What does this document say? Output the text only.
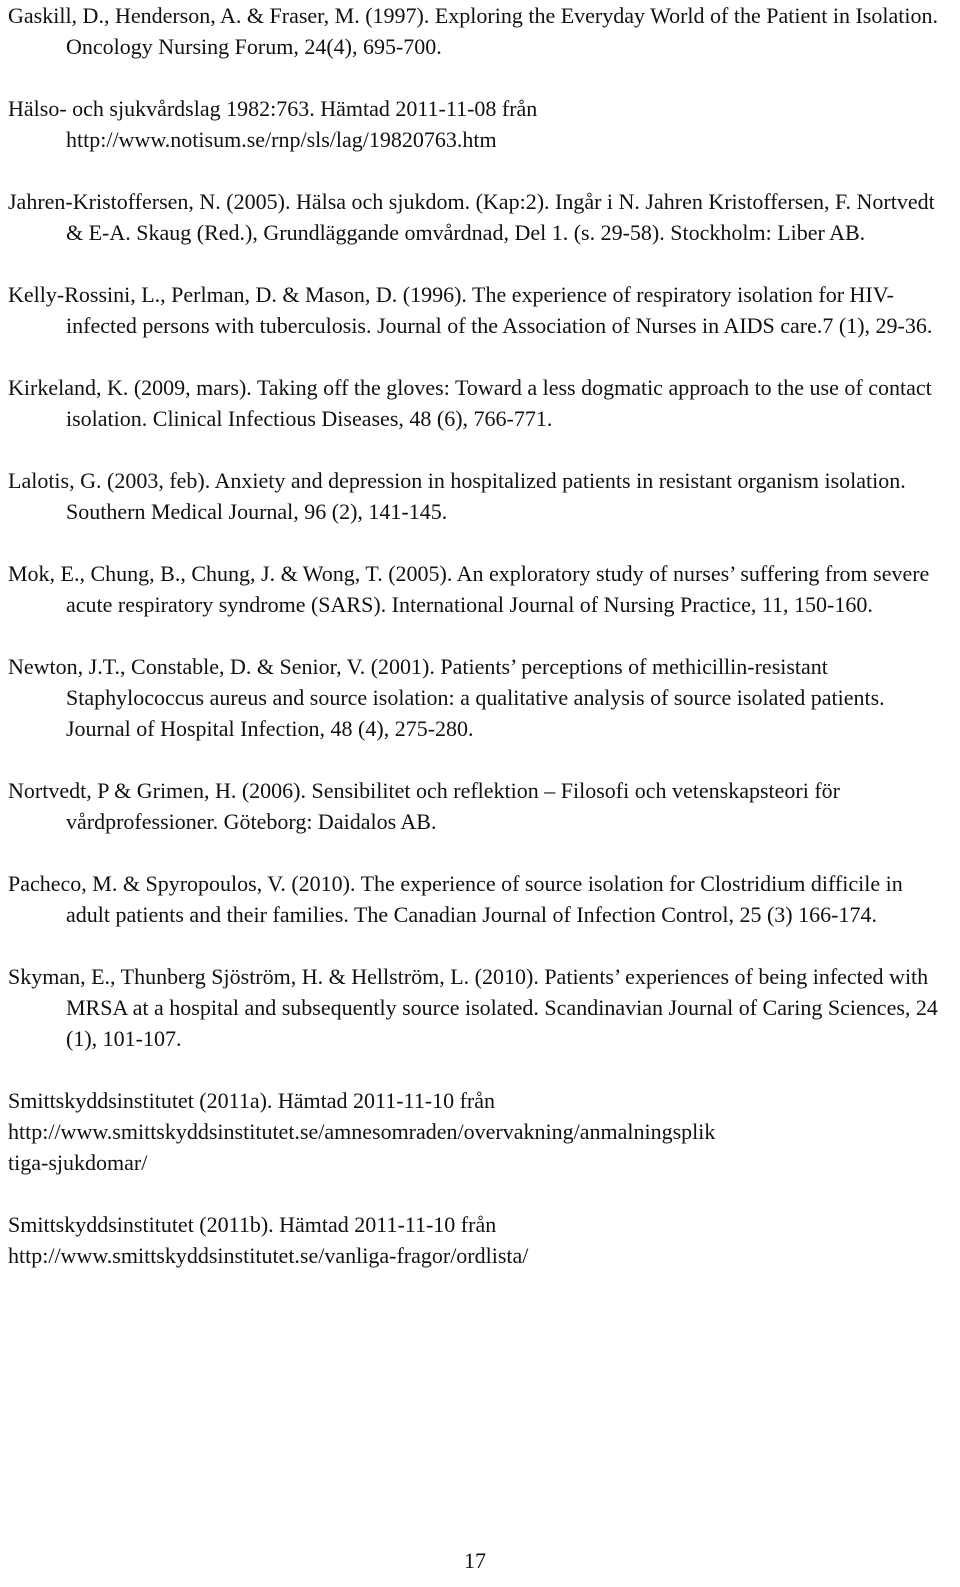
Gaskill, D., Henderson, A. & Fraser, M. (1997). Exploring the Everyday World of the Patient in Isolation. Oncology Nursing Forum, 24(4), 695-700.

Hälso- och sjukvårdslag 1982:763. Hämtad 2011-11-08 från http://www.notisum.se/rnp/sls/lag/19820763.htm

Jahren-Kristoffersen, N. (2005). Hälsa och sjukdom. (Kap:2). Ingår i N. Jahren Kristoffersen, F. Nortvedt & E-A. Skaug (Red.), Grundläggande omvårdnad, Del 1. (s. 29-58). Stockholm: Liber AB.

Kelly-Rossini, L., Perlman, D. & Mason, D. (1996). The experience of respiratory isolation for HIV-infected persons with tuberculosis. Journal of the Association of Nurses in AIDS care.7 (1), 29-36.

Kirkeland, K. (2009, mars). Taking off the gloves: Toward a less dogmatic approach to the use of contact isolation. Clinical Infectious Diseases, 48 (6), 766-771.

Lalotis, G. (2003, feb). Anxiety and depression in hospitalized patients in resistant organism isolation. Southern Medical Journal, 96 (2), 141-145.

Mok, E., Chung, B., Chung, J. & Wong, T. (2005). An exploratory study of nurses’ suffering from severe acute respiratory syndrome (SARS). International Journal of Nursing Practice, 11, 150-160.

Newton, J.T., Constable, D. & Senior, V. (2001). Patients’ perceptions of methicillin-resistant Staphylococcus aureus and source isolation: a qualitative analysis of source isolated patients. Journal of Hospital Infection, 48 (4), 275-280.

Nortvedt, P & Grimen, H. (2006). Sensibilitet och reflektion – Filosofi och vetenskapsteori för vårdprofessioner. Göteborg: Daidalos AB.

Pacheco, M. & Spyropoulos, V. (2010). The experience of source isolation for Clostridium difficile in adult patients and their families. The Canadian Journal of Infection Control, 25 (3) 166-174.

Skyman, E., Thunberg Sjöström, H. & Hellström, L. (2010). Patients’ experiences of being infected with MRSA at a hospital and subsequently source isolated. Scandinavian Journal of Caring Sciences, 24 (1), 101-107.

Smittskyddsinstitutet (2011a). Hämtad 2011-11-10 från
http://www.smittskyddsinstitutet.se/amnesomraden/overvakning/anmalningsplik
tiga-sjukdomar/
Smittskyddsinstitutet (2011b). Hämtad 2011-11-10 från
http://www.smittskyddsinstitutet.se/vanliga-fragor/ordlista/
17
